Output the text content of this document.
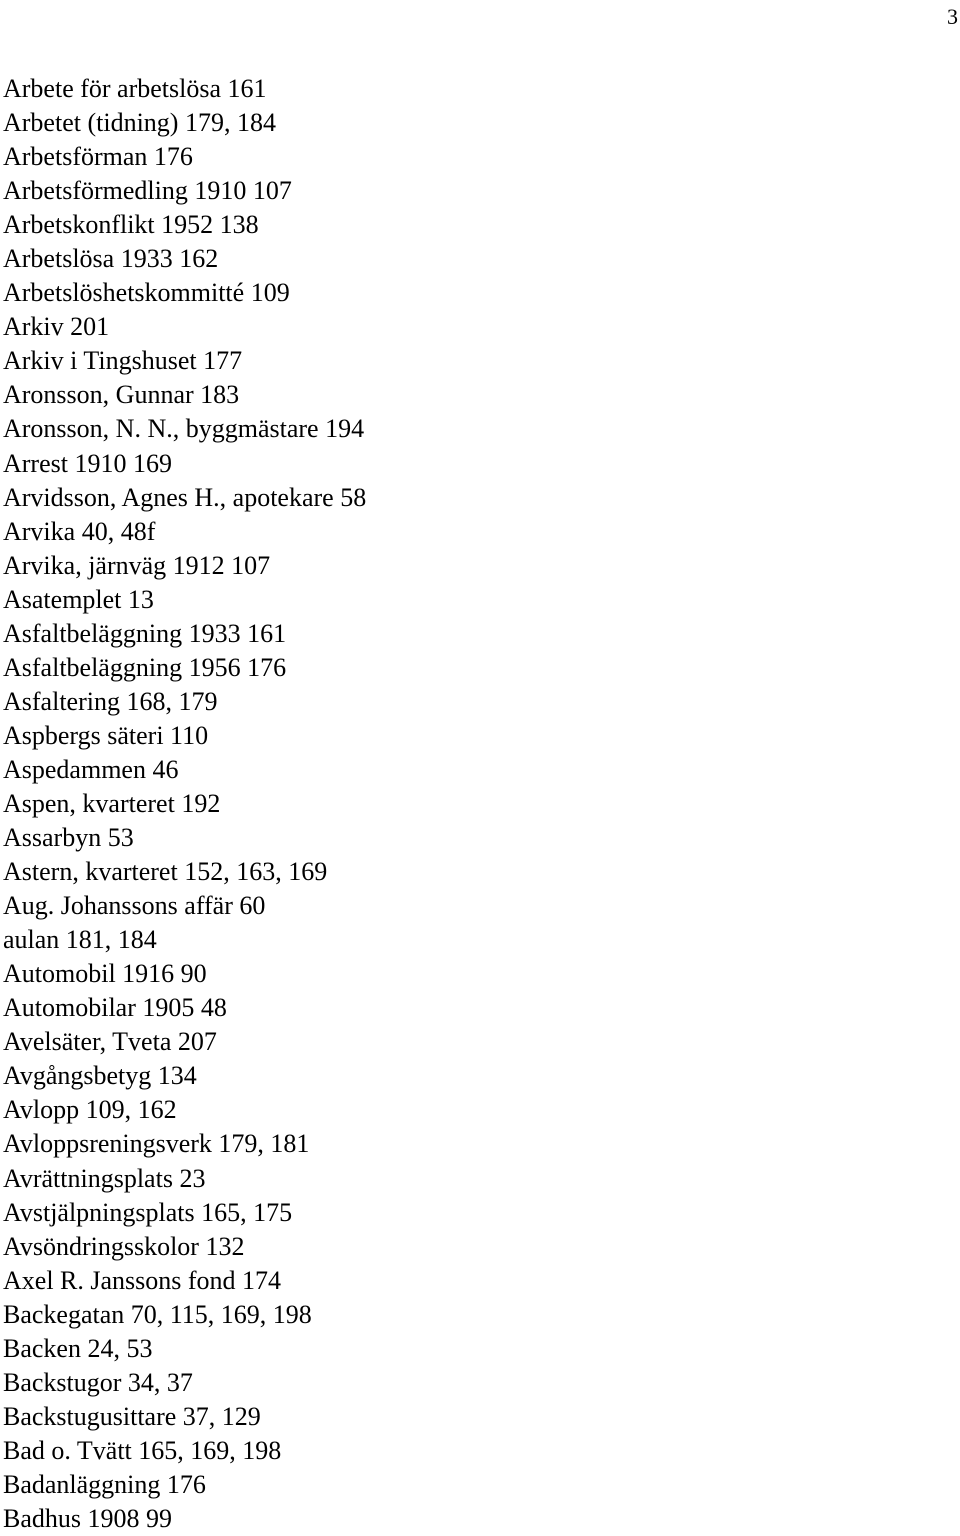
3
Arbete för arbetslösa 161
Arbetet (tidning) 179, 184
Arbetsförman 176
Arbetsförmedling 1910 107
Arbetskonflikt 1952 138
Arbetslösa 1933 162
Arbetslöshetskommitté 109
Arkiv 201
Arkiv i Tingshuset 177
Aronsson, Gunnar 183
Aronsson, N. N., byggmästare 194
Arrest 1910 169
Arvidsson, Agnes H., apotekare 58
Arvika 40, 48f
Arvika, järnväg 1912 107
Asatemplet 13
Asfaltbeläggning 1933 161
Asfaltbeläggning 1956 176
Asfaltering 168, 179
Aspbergs säteri 110
Aspedammen 46
Aspen, kvarteret 192
Assarbyn 53
Astern, kvarteret 152, 163, 169
Aug. Johanssons affär 60
aulan 181, 184
Automobil 1916 90
Automobilar 1905 48
Avelsäter, Tveta 207
Avgångsbetyg 134
Avlopp 109, 162
Avloppsreningsverk 179, 181
Avrättningsplats 23
Avstjälpningsplats 165, 175
Avsöndringsskolor 132
Axel R. Janssons fond 174
Backegatan 70, 115, 169, 198
Backen 24, 53
Backstugor 34, 37
Backstugusittare 37, 129
Bad o. Tvätt 165, 169, 198
Badanläggning 176
Badhus 1908 99
